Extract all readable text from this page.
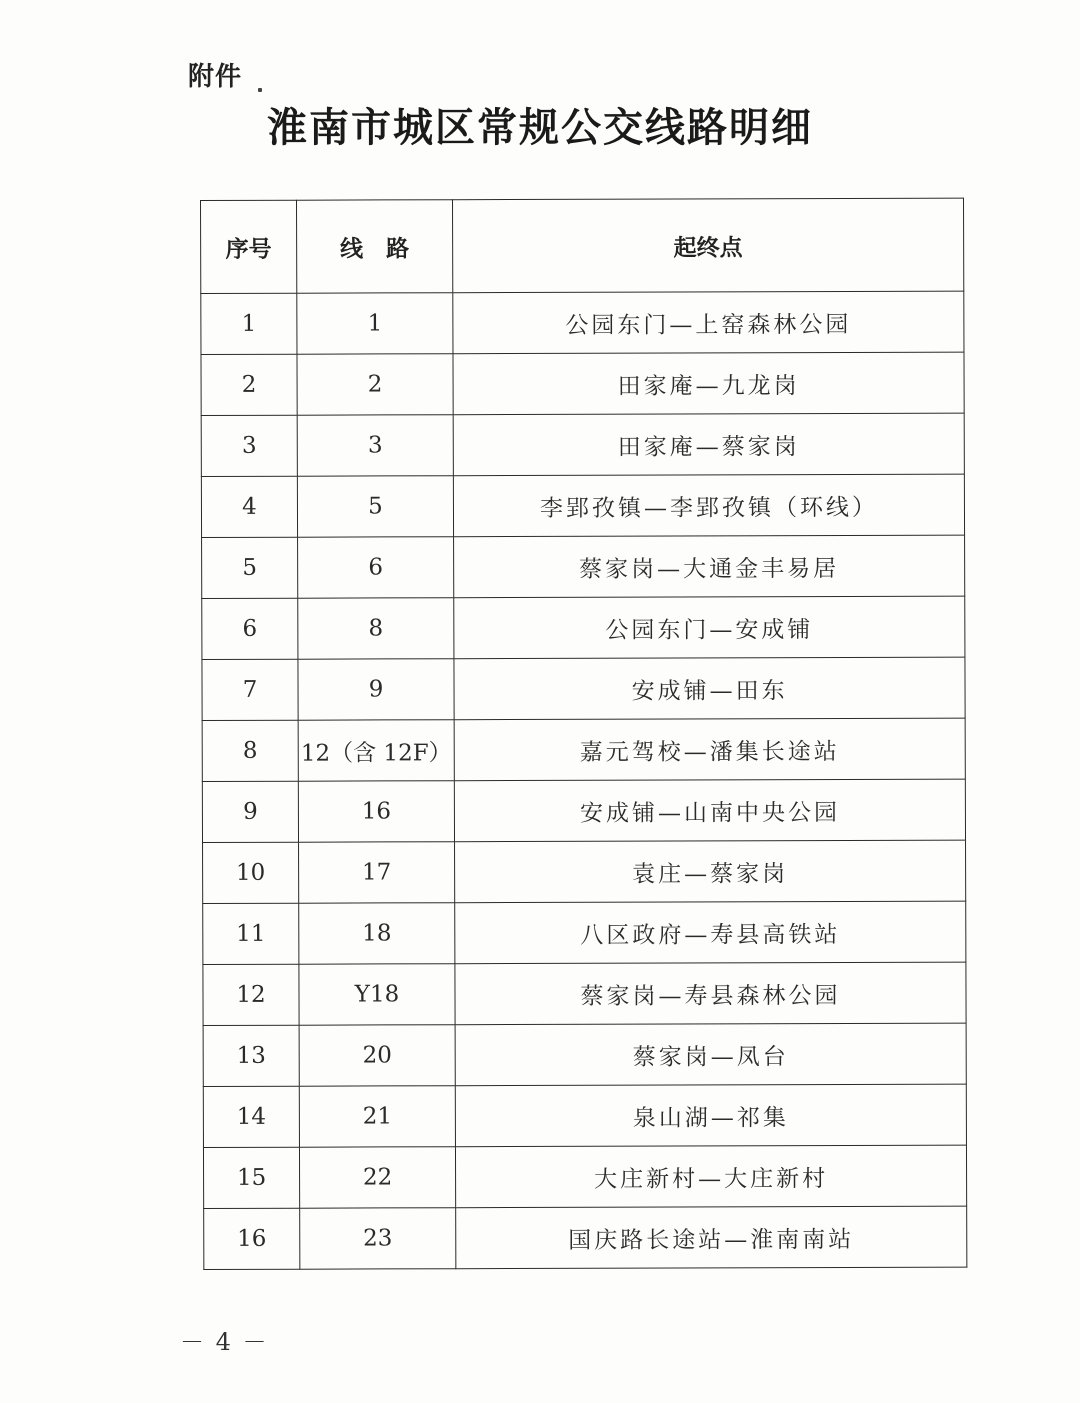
附件
淮南市城区常规公交线路明细
序号	线　路	起终点
1	1	公园东门—上窑森林公园
2	2	田家庵—九龙岗
3	3	田家庵—蔡家岗
4	5	李郢孜镇—李郢孜镇（环线）
5	6	蔡家岗—大通金丰易居
6	8	公园东门—安成铺
7	9	安成铺—田东
8	12（含 12F）	嘉元驾校—潘集长途站
9	16	安成铺—山南中央公园
10	17	袁庄—蔡家岗
11	18	八区政府—寿县高铁站
12	Y18	蔡家岗—寿县森林公园
13	20	蔡家岗—凤台
14	21	泉山湖—祁集
15	22	大庄新村—大庄新村
16	23	国庆路长途站—淮南南站
－ 4 －
